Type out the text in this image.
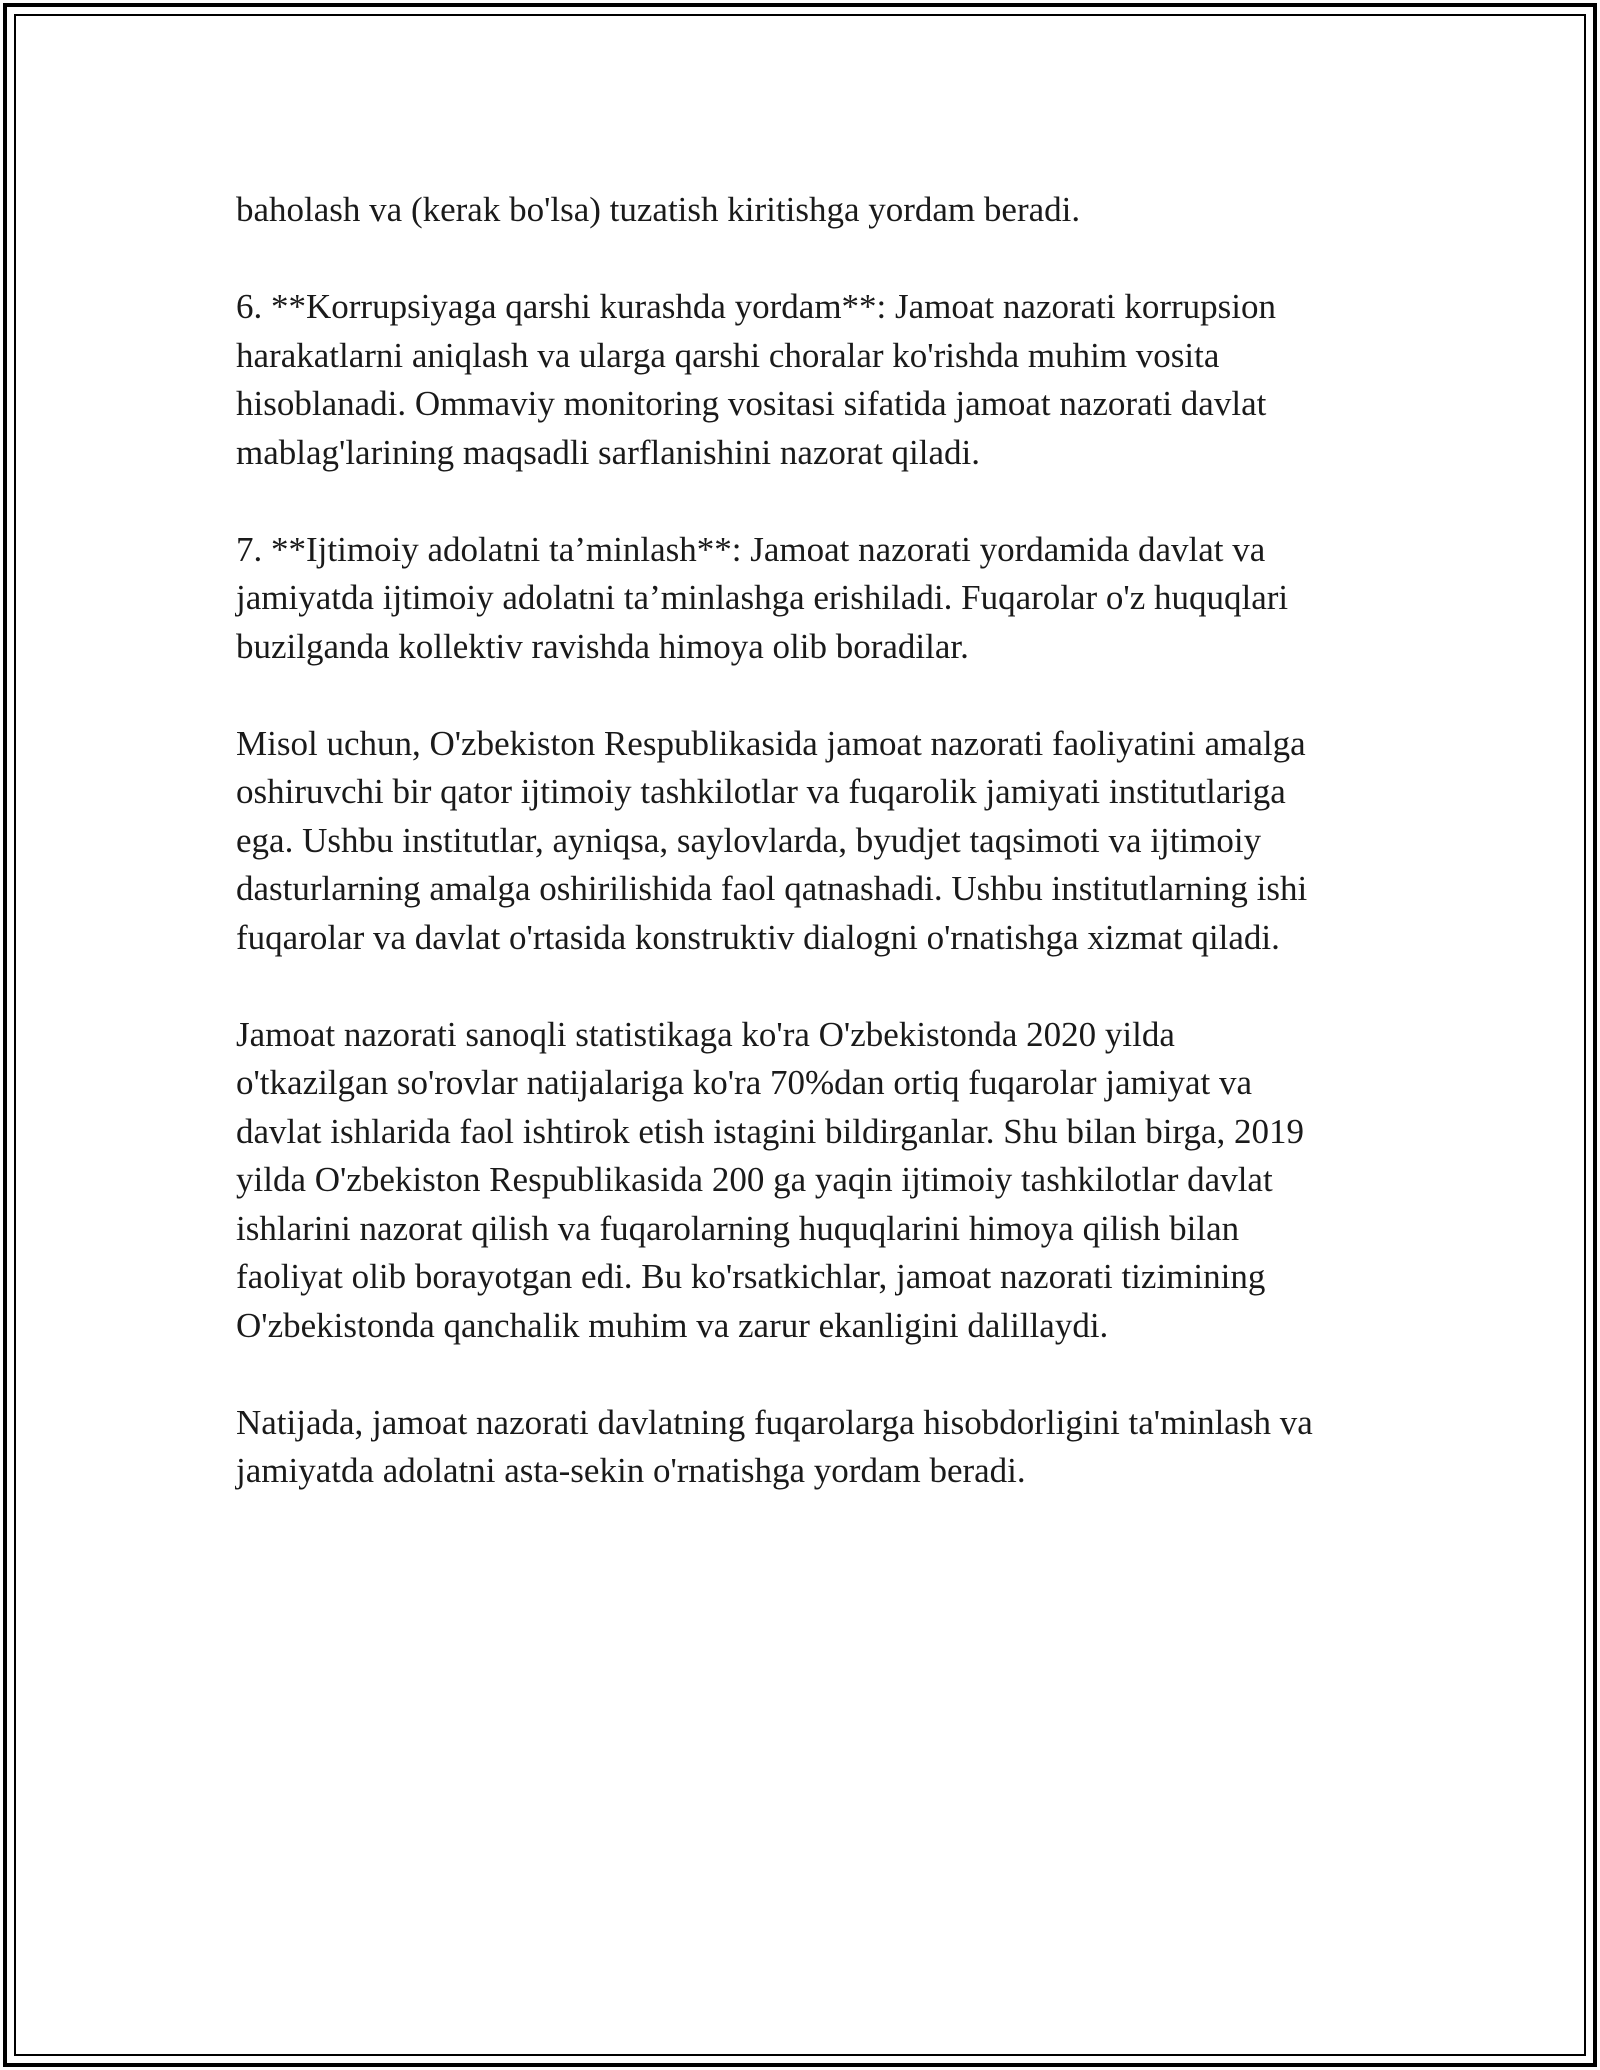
baholash va (kerak bo'lsa) tuzatish kiritishga yordam beradi.

6. **Korrupsiyaga qarshi kurashda yordam**: Jamoat nazorati korrupsion
harakatlarni aniqlash va ularga qarshi choralar ko'rishda muhim vosita
hisoblanadi. Ommaviy monitoring vositasi sifatida jamoat nazorati davlat
mablag'larining maqsadli sarflanishini nazorat qiladi.

7. **Ijtimoiy adolatni ta’minlash**: Jamoat nazorati yordamida davlat va
jamiyatda ijtimoiy adolatni ta’minlashga erishiladi. Fuqarolar o'z huquqlari
buzilganda kollektiv ravishda himoya olib boradilar.

Misol uchun, O'zbekiston Respublikasida jamoat nazorati faoliyatini amalga
oshiruvchi bir qator ijtimoiy tashkilotlar va fuqarolik jamiyati institutlariga
ega. Ushbu institutlar, ayniqsa, saylovlarda, byudjet taqsimoti va ijtimoiy
dasturlarning amalga oshirilishida faol qatnashadi. Ushbu institutlarning ishi
fuqarolar va davlat o'rtasida konstruktiv dialogni o'rnatishga xizmat qiladi.

Jamoat nazorati sanoqli statistikaga ko'ra O'zbekistonda 2020 yilda
o'tkazilgan so'rovlar natijalariga ko'ra 70%dan ortiq fuqarolar jamiyat va
davlat ishlarida faol ishtirok etish istagini bildirganlar. Shu bilan birga, 2019
yilda O'zbekiston Respublikasida 200 ga yaqin ijtimoiy tashkilotlar davlat
ishlarini nazorat qilish va fuqarolarning huquqlarini himoya qilish bilan
faoliyat olib borayotgan edi. Bu ko'rsatkichlar, jamoat nazorati tizimining
O'zbekistonda qanchalik muhim va zarur ekanligini dalillaydi.

Natijada, jamoat nazorati davlatning fuqarolarga hisobdorligini ta'minlash va
jamiyatda adolatni asta-sekin o'rnatishga yordam beradi.
